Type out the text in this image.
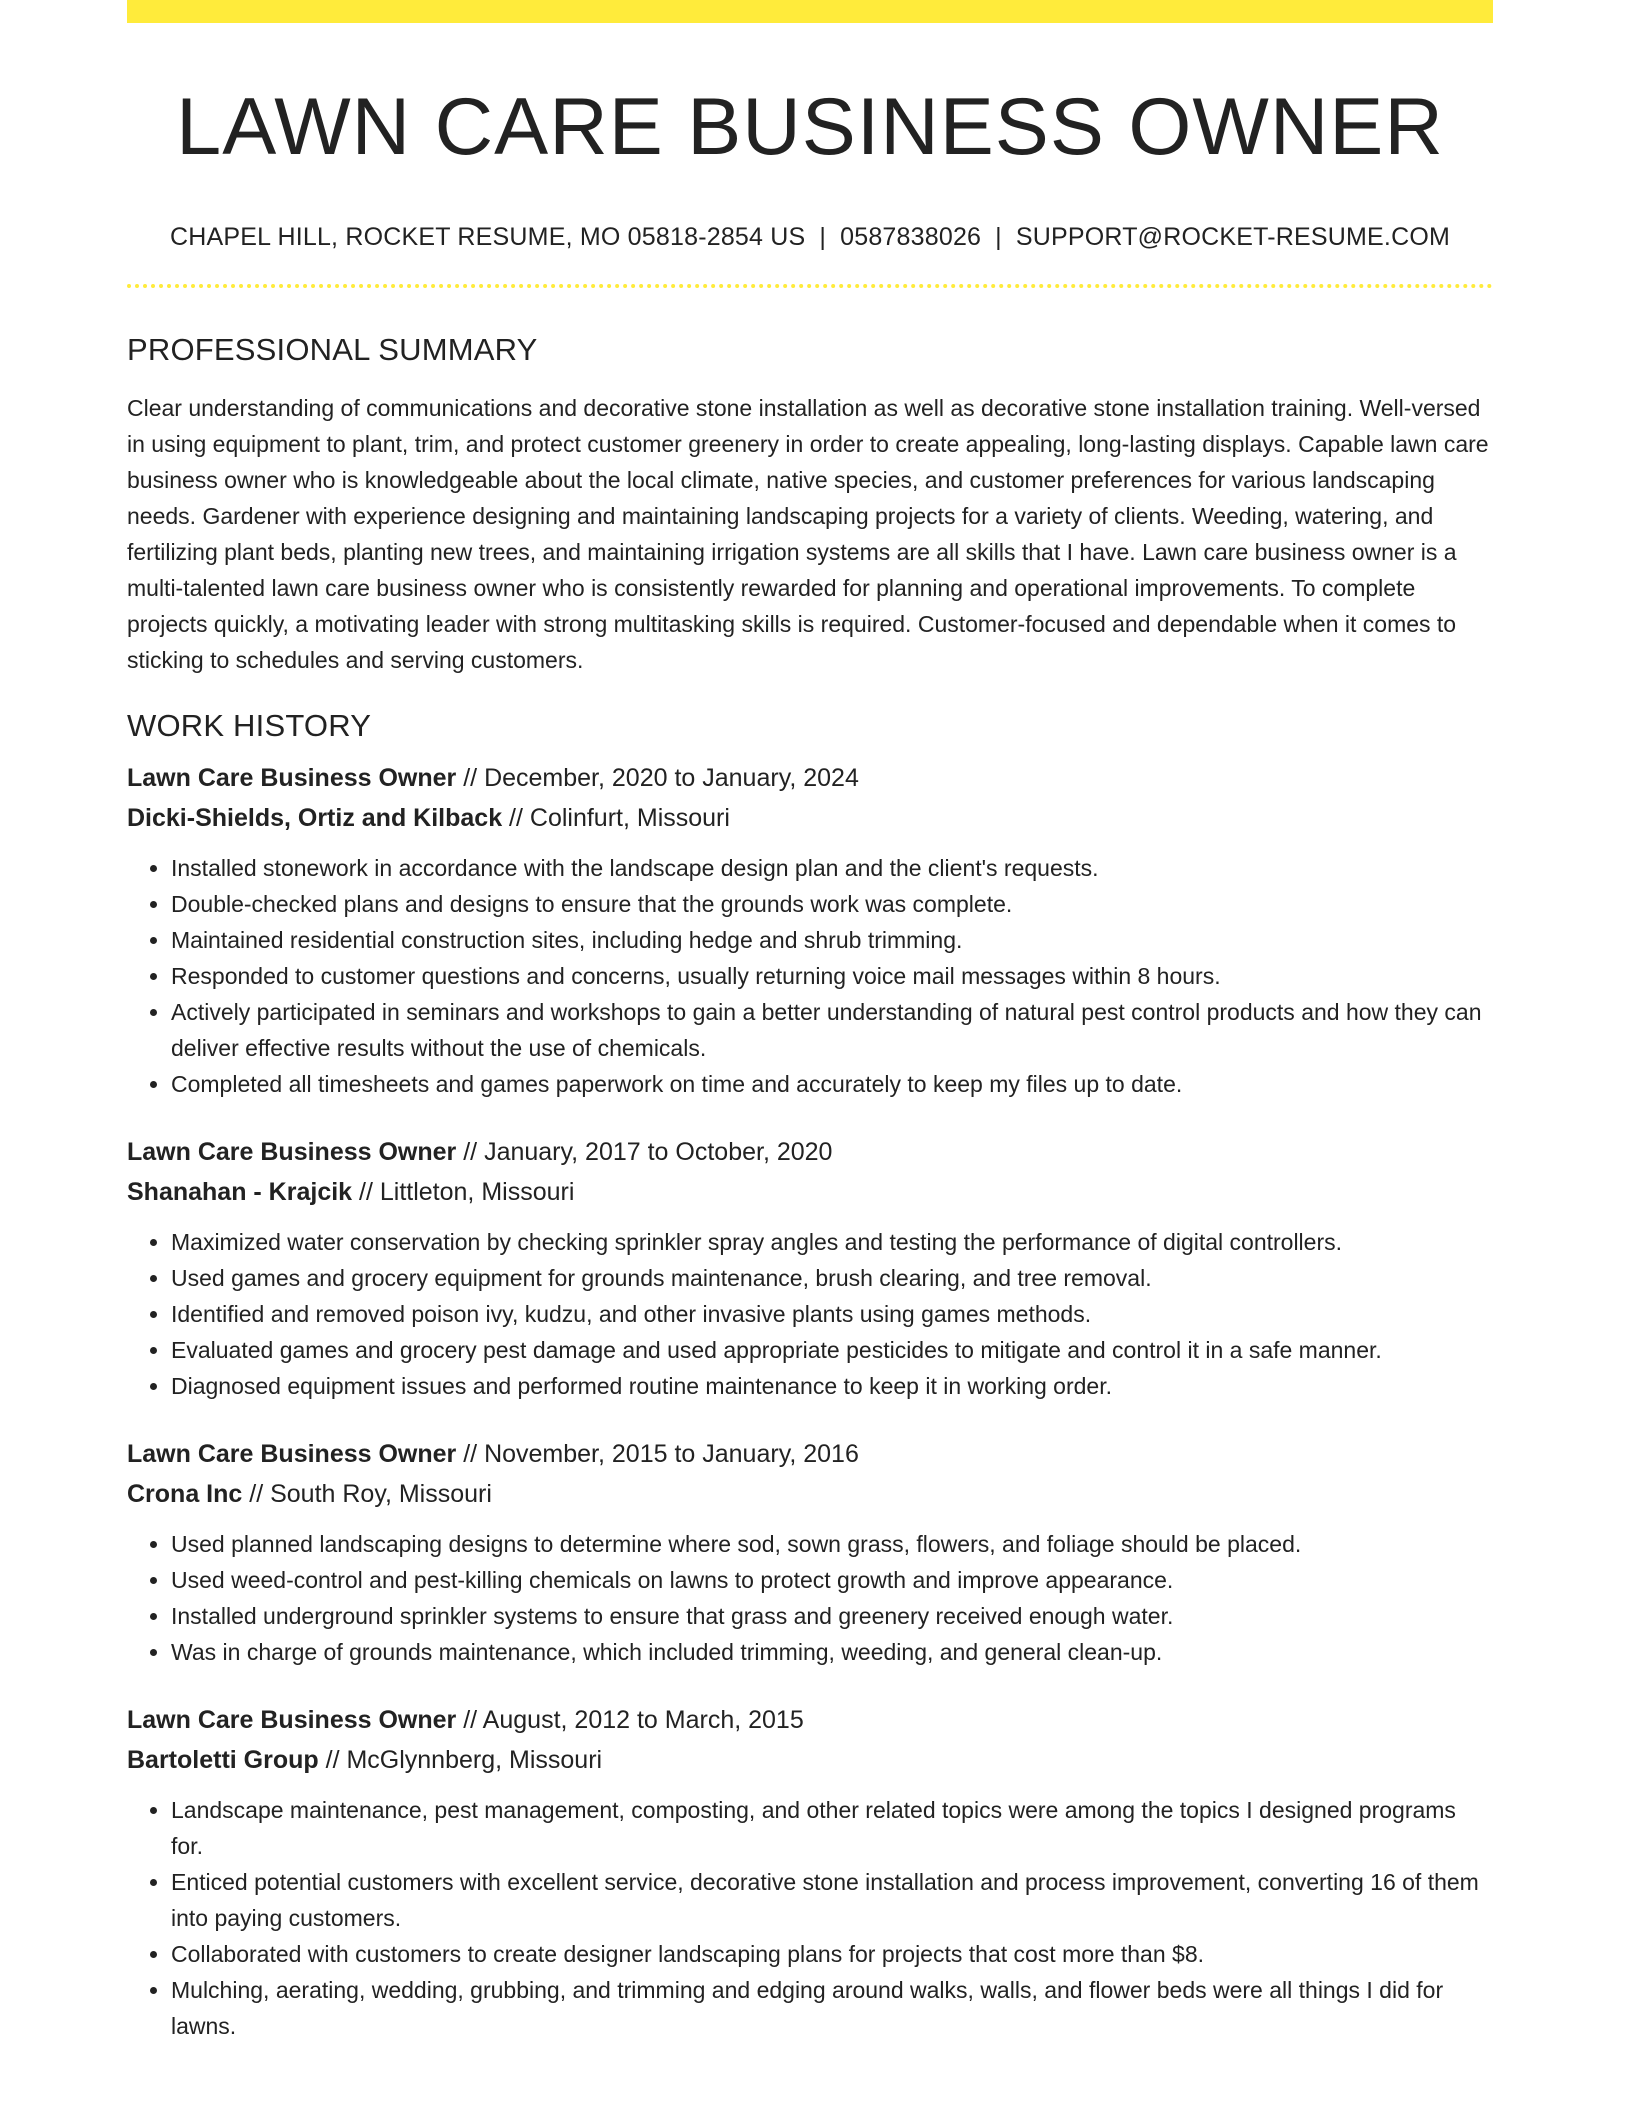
LAWN CARE BUSINESS OWNER
CHAPEL HILL, ROCKET RESUME, MO 05818-2854 US | 0587838026 | SUPPORT@ROCKET-RESUME.COM
PROFESSIONAL SUMMARY

Clear understanding of communications and decorative stone installation as well as decorative stone installation training. Well-versed in using equipment to plant, trim, and protect customer greenery in order to create appealing, long-lasting displays. Capable lawn care business owner who is knowledgeable about the local climate, native species, and customer preferences for various landscaping needs. Gardener with experience designing and maintaining landscaping projects for a variety of clients. Weeding, watering, and fertilizing plant beds, planting new trees, and maintaining irrigation systems are all skills that I have. Lawn care business owner is a multi-talented lawn care business owner who is consistently rewarded for planning and operational improvements. To complete projects quickly, a motivating leader with strong multitasking skills is required. Customer-focused and dependable when it comes to sticking to schedules and serving customers.

WORK HISTORY
Lawn Care Business Owner // December, 2020 to January, 2024
Dicki-Shields, Ortiz and Kilback // Colinfurt, Missouri
• Installed stonework in accordance with the landscape design plan and the client's requests.
• Double-checked plans and designs to ensure that the grounds work was complete.
• Maintained residential construction sites, including hedge and shrub trimming.
• Responded to customer questions and concerns, usually returning voice mail messages within 8 hours.
• Actively participated in seminars and workshops to gain a better understanding of natural pest control products and how they can deliver effective results without the use of chemicals.
• Completed all timesheets and games paperwork on time and accurately to keep my files up to date.
Lawn Care Business Owner // January, 2017 to October, 2020
Shanahan - Krajcik // Littleton, Missouri
• Maximized water conservation by checking sprinkler spray angles and testing the performance of digital controllers.
• Used games and grocery equipment for grounds maintenance, brush clearing, and tree removal.
• Identified and removed poison ivy, kudzu, and other invasive plants using games methods.
• Evaluated games and grocery pest damage and used appropriate pesticides to mitigate and control it in a safe manner.
• Diagnosed equipment issues and performed routine maintenance to keep it in working order.
Lawn Care Business Owner // November, 2015 to January, 2016
Crona Inc // South Roy, Missouri
• Used planned landscaping designs to determine where sod, sown grass, flowers, and foliage should be placed.
• Used weed-control and pest-killing chemicals on lawns to protect growth and improve appearance.
• Installed underground sprinkler systems to ensure that grass and greenery received enough water.
• Was in charge of grounds maintenance, which included trimming, weeding, and general clean-up.
Lawn Care Business Owner // August, 2012 to March, 2015
Bartoletti Group // McGlynnberg, Missouri
• Landscape maintenance, pest management, composting, and other related topics were among the topics I designed programs for.
• Enticed potential customers with excellent service, decorative stone installation and process improvement, converting 16 of them into paying customers.
• Collaborated with customers to create designer landscaping plans for projects that cost more than $8.
• Mulching, aerating, wedding, grubbing, and trimming and edging around walks, walls, and flower beds were all things I did for lawns.
